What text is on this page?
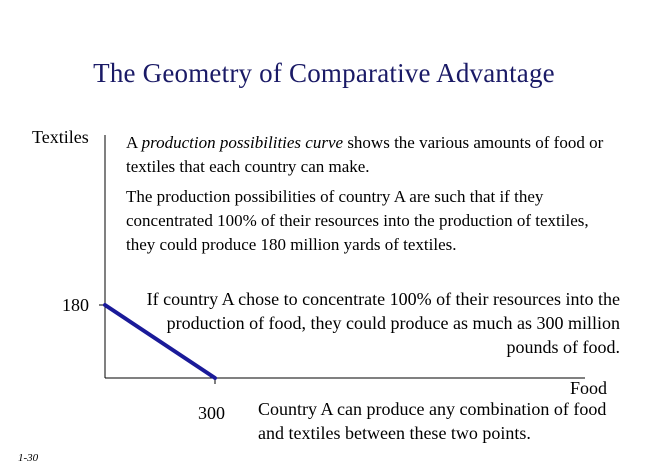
The Geometry of Comparative Advantage
Textiles
180
300
Food
A production possibilities curve shows the various amounts of food or textiles that each country can make.
The production possibilities of country A are such that if they concentrated 100% of their resources into the production of textiles, they could produce 180 million yards of textiles.
If country A chose to concentrate 100% of their resources into the production of food, they could produce as much as 300 million pounds of food.
Country A can produce any combination of food and textiles between these two points.
1-30
